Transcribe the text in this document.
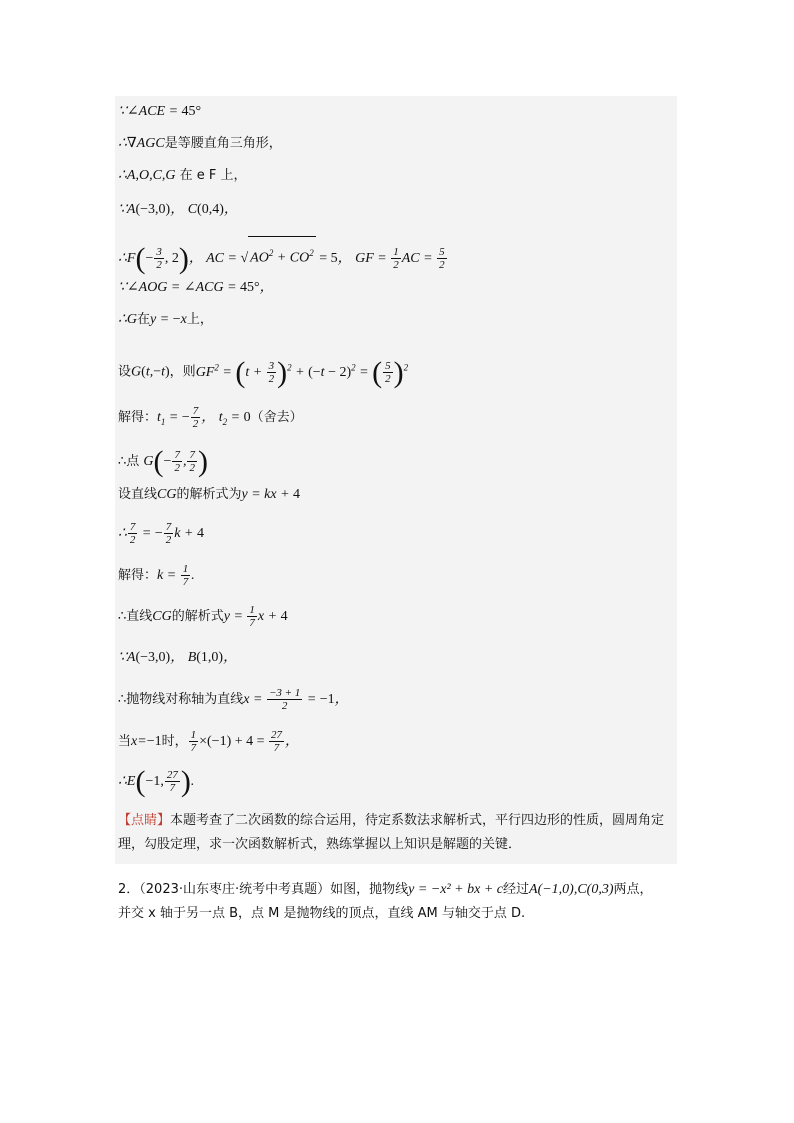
∵∠ACE = 45°
∴∇AGC是等腰直角三角形，
∴A,O,C,G 在 e F 上，
∵A(−3,0)， C(0,4)，
∴F(− $\frac{3}{2}$ , 2)， AC = √ $AO^2 + CO^2 = 5$， GF = $\frac{1}{2}$ AC = $\frac{5}{2}$
∵∠AOG = ∠ACG = 45°，
∴G在y = −x上，
设G(t,−t)，则$GF^2 = (t + \frac{3}{2} )^2 + (-t - 2)^2$ = ( $\frac{5}{2} )^2$
解得：$t_1$ = − $\frac{7}{2}$ ， $t_2 = 0$（舍去）
∴点 $G(- \frac{7}{2}$ , $\frac{7}{2}$ )
设直线CG的解析式为y = kx + 4
∴ $\frac{7}{2}$ = − $\frac{7}{2}$ k + 4
解得：$k = \frac{1}{7}$ .
∴直线CG的解析式$y = \frac{1}{7}$ x + 4
∵A(−3,0)， B(1,0)，
∴抛物线对称轴为直线$x = \frac{-3 + 1}{2} = -1$，
当x=−1时， $\frac{1}{7} \times(-1) + 4 = \frac{27}{7}$ ，
∴E(−1, $\frac{27}{7}$ ).
【点睛】本题考查了二次函数的综合运用，待定系数法求解析式，平行四边形的性质，圆周角定理，勾股定理，求一次函数解析式，熟练掌握以上知识是解题的关键．
2．（2023·山东枣庄·统考中考真题）如图，抛物线y = −x² + bx + c经过A(−1,0),C(0,3)两点，
并交 x 轴于另一点 B，点 M 是抛物线的顶点，直线 AM 与轴交于点 D.
